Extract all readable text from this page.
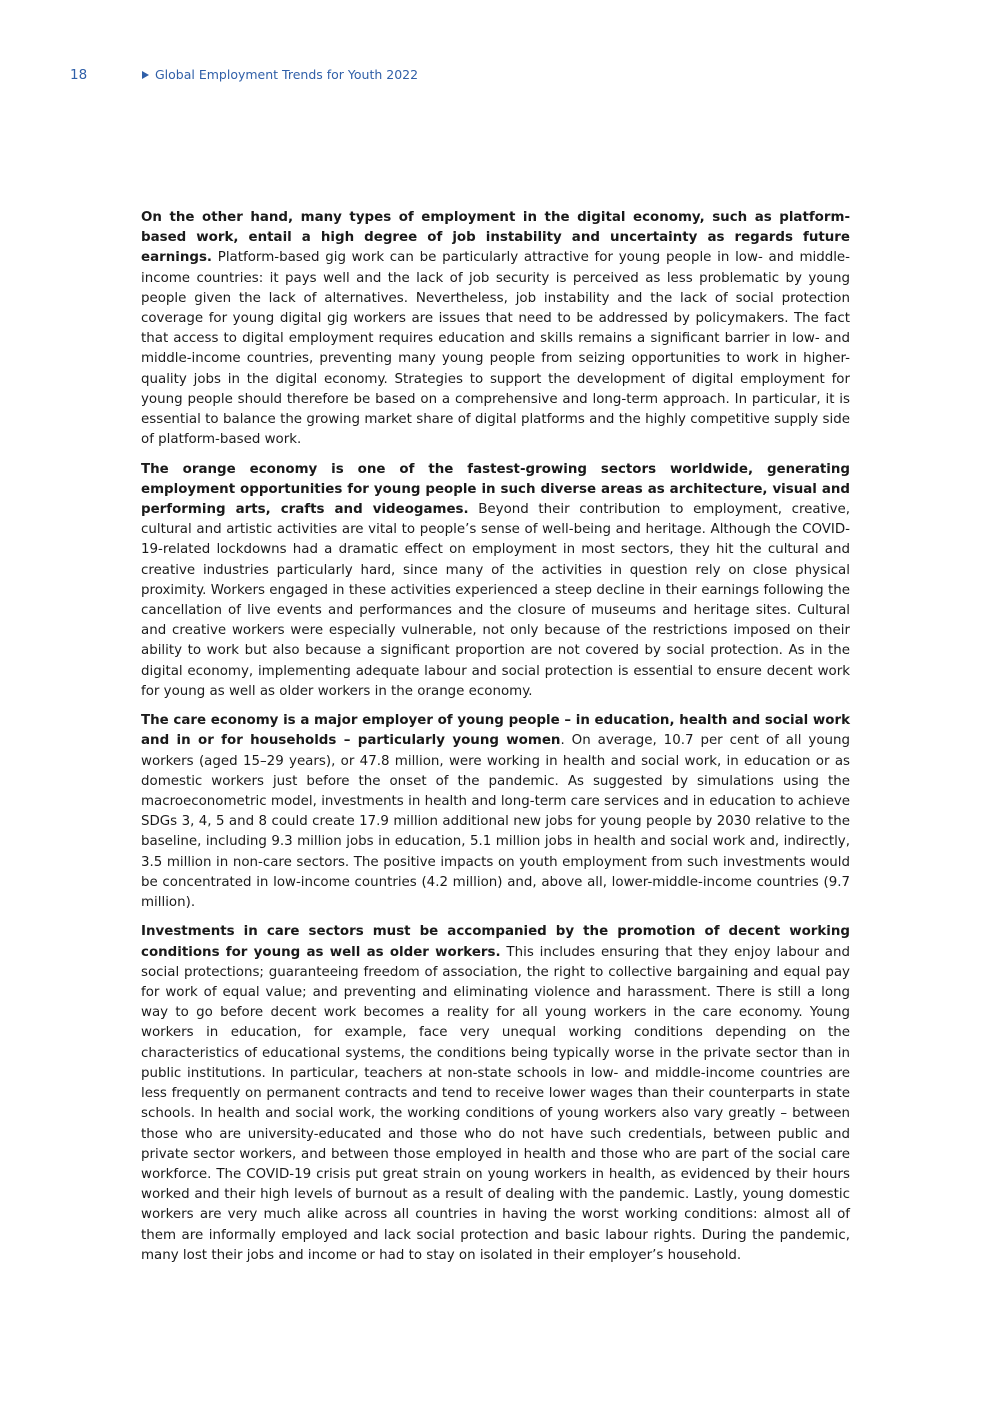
18	Global Employment Trends for Youth 2022

On the other hand, many types of employment in the digital economy, such as platform-based work, entail a high degree of job instability and uncertainty as regards future earnings. Platform-based gig work can be particularly attractive for young people in low- and middle-income countries: it pays well and the lack of job security is perceived as less problematic by young people given the lack of alternatives. Nevertheless, job instability and the lack of social protection coverage for young digital gig workers are issues that need to be addressed by policymakers. The fact that access to digital employment requires education and skills remains a significant barrier in low- and middle-income countries, preventing many young people from seizing opportunities to work in higher-quality jobs in the digital economy. Strategies to support the development of digital employment for young people should therefore be based on a comprehensive and long-term approach. In particular, it is essential to balance the growing market share of digital platforms and the highly competitive supply side of platform-based work.

The orange economy is one of the fastest-growing sectors worldwide, generating employment opportunities for young people in such diverse areas as architecture, visual and performing arts, crafts and videogames. Beyond their contribution to employment, creative, cultural and artistic activities are vital to people’s sense of well-being and heritage. Although the COVID-19-related lockdowns had a dramatic effect on employment in most sectors, they hit the cultural and creative industries particularly hard, since many of the activities in question rely on close physical proximity. Workers engaged in these activities experienced a steep decline in their earnings following the cancellation of live events and performances and the closure of museums and heritage sites. Cultural and creative workers were especially vulnerable, not only because of the restrictions imposed on their ability to work but also because a significant proportion are not covered by social protection. As in the digital economy, implementing adequate labour and social protection is essential to ensure decent work for young as well as older workers in the orange economy.

The care economy is a major employer of young people – in education, health and social work and in or for households – particularly young women. On average, 10.7 per cent of all young workers (aged 15–29 years), or 47.8 million, were working in health and social work, in education or as domestic workers just before the onset of the pandemic. As suggested by simulations using the macroeconometric model, investments in health and long-term care services and in education to achieve SDGs 3, 4, 5 and 8 could create 17.9 million additional new jobs for young people by 2030 relative to the baseline, including 9.3 million jobs in education, 5.1 million jobs in health and social work and, indirectly, 3.5 million in non-care sectors. The positive impacts on youth employment from such investments would be concentrated in low-income countries (4.2 million) and, above all, lower-middle-income countries (9.7 million).

Investments in care sectors must be accompanied by the promotion of decent working conditions for young as well as older workers. This includes ensuring that they enjoy labour and social protections; guaranteeing freedom of association, the right to collective bargaining and equal pay for work of equal value; and preventing and eliminating violence and harassment. There is still a long way to go before decent work becomes a reality for all young workers in the care economy. Young workers in education, for example, face very unequal working conditions depending on the characteristics of educational systems, the conditions being typically worse in the private sector than in public institutions. In particular, teachers at non-state schools in low- and middle-income countries are less frequently on permanent contracts and tend to receive lower wages than their counterparts in state schools. In health and social work, the working conditions of young workers also vary greatly – between those who are university-educated and those who do not have such credentials, between public and private sector workers, and between those employed in health and those who are part of the social care workforce. The COVID-19 crisis put great strain on young workers in health, as evidenced by their hours worked and their high levels of burnout as a result of dealing with the pandemic. Lastly, young domestic workers are very much alike across all countries in having the worst working conditions: almost all of them are informally employed and lack social protection and basic labour rights. During the pandemic, many lost their jobs and income or had to stay on isolated in their employer’s household.
